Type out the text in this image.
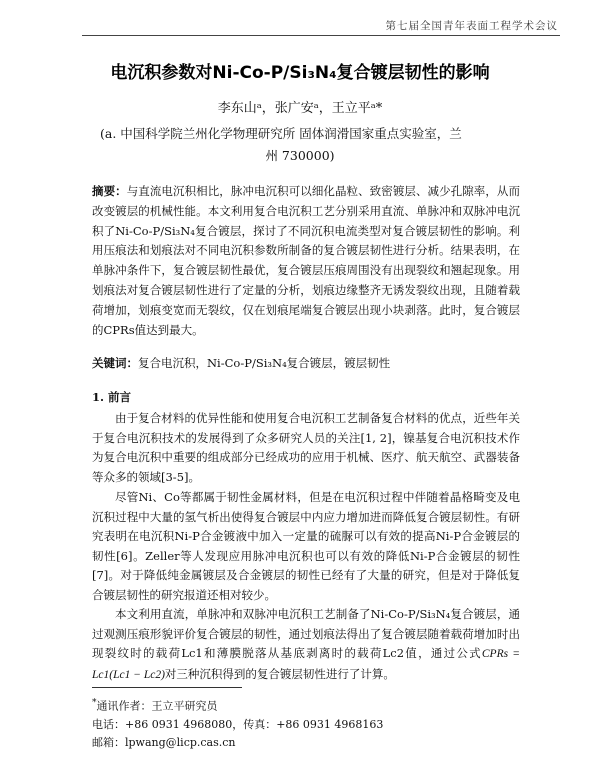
第七届全国青年表面工程学术会议
电沉积参数对Ni-Co-P/Si₃N₄复合镀层韧性的影响
李东山ᵃ，张广安ᵃ，王立平ᵃ*
(a. 中国科学院兰州化学物理研究所 固体润滑国家重点实验室，兰
州 730000)
摘要：与直流电沉积相比，脉冲电沉积可以细化晶粒、致密镀层、减少孔隙率，从而改变镀层的机械性能。本文利用复合电沉积工艺分别采用直流、单脉冲和双脉冲电沉积了Ni-Co-P/Si₃N₄复合镀层，探讨了不同沉积电流类型对复合镀层韧性的影响。利用压痕法和划痕法对不同电沉积参数所制备的复合镀层韧性进行分析。结果表明，在单脉冲条件下，复合镀层韧性最优，复合镀层压痕周围没有出现裂纹和翘起现象。用划痕法对复合镀层韧性进行了定量的分析，划痕边缘整齐无诱发裂纹出现，且随着载荷增加，划痕变宽而无裂纹，仅在划痕尾端复合镀层出现小块剥落。此时，复合镀层的CPRs值达到最大。
关键词：复合电沉积，Ni-Co-P/Si₃N₄复合镀层，镀层韧性
1. 前言
由于复合材料的优异性能和使用复合电沉积工艺制备复合材料的优点，近些年关于复合电沉积技术的发展得到了众多研究人员的关注[1, 2]，镍基复合电沉积技术作为复合电沉积中重要的组成部分已经成功的应用于机械、医疗、航天航空、武器装备等众多的领域[3-5]。
尽管Ni、Co等都属于韧性金属材料，但是在电沉积过程中伴随着晶格畸变及电沉积过程中大量的氢气析出使得复合镀层中内应力增加进而降低复合镀层韧性。有研究表明在电沉积Ni-P合金镀液中加入一定量的硫脲可以有效的提高Ni-P合金镀层的韧性[6]。Zeller等人发现应用脉冲电沉积也可以有效的降低Ni-P合金镀层的韧性[7]。对于降低纯金属镀层及合金镀层的韧性已经有了大量的研究，但是对于降低复合镀层韧性的研究报道还相对较少。
本文利用直流，单脉冲和双脉冲电沉积工艺制备了Ni-Co-P/Si₃N₄复合镀层，通过观测压痕形貌评价复合镀层的韧性，通过划痕法得出了复合镀层随着载荷增加时出现裂纹时的载荷Lc1和薄膜脱落从基底剥离时的载荷Lc2值，通过公式CPRs = Lc1(Lc1 − Lc2)对三种沉积得到的复合镀层韧性进行了计算。
*通讯作者：王立平研究员
电话：+86 0931 4968080，传真：+86 0931 4968163
邮箱：lpwang@licp.cas.cn
